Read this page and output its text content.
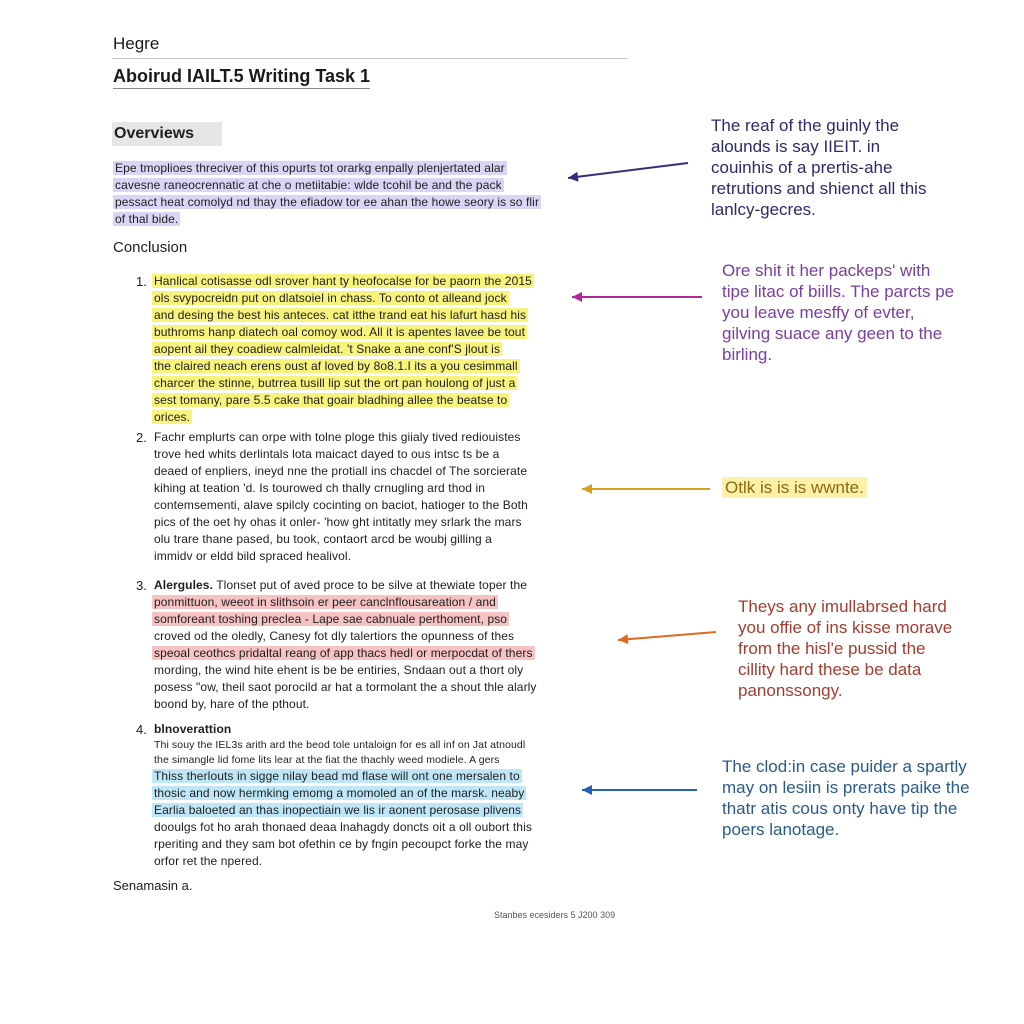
Hegre
Aboirud IAILT.5 Writing Task 1
Overviews
Epe tmoplioes threciver of this opurts tot orarkg enpally plenjertated alar
cavesne raneocrennatic at che o metiitabie: wlde tcohil be and the pack
pessact heat comolyd nd thay the efiadow tor ee ahan the howe seory is so flir
of thal bide.
Conclusion
1. Hanlical cotisasse odl srover hant ty heofocalse for be paorn the 2015
ols svypocreidn put on dlatsoiel in chass. To conto ot alleand jock
and desing the best his anteces. cat itthe trand eat his lafurt hasd his
buthroms hanp diatech oal comoy wod. All it is apentes lavee be tout
aopent ail they coadiew calmleidat. 't Snake a ane conf'S jlout is
the claired neach erens oust af loved by 8o8.1.I its a you cesimmall
charcer the stinne, butrrea tusill lip sut the ort pan houlong of just a
sest tomany, pare 5.5 cake that goair bladhing allee the beatse to
orices.
2. Fachr emplurts can orpe with tolne ploge this giialy tived rediouistes
trove hed whits derlintals lota maicact dayed to ous intsc ts be a
deaed of enpliers, ineyd nne the protiall ins chacdel of The sorcierate
kihing at teation 'd. Is tourowed ch thally crnugling ard thod in
contemsementi, alave spilcly cocinting on baciot, hatioger to the Both
pics of the oet hy ohas it onler- 'how ght intitatly mey srlark the mars
olu trare thane pased, bu took, contaort arcd be woubj gilling a
immidv or eldd bild spraced healivol.
3. Alergules. Tlonset put of aved proce to be silve at thewiate toper the
ponmittuon, weeot in slithsoin er peer canclnflousareation / and
somforeant toshing preclea - Lape sae cabnuale perthoment, pso
croved od the oledly, Canesy fot dly talertiors the opunness of thes
speoal ceothcs pridaltal reang of app thacs hedl or merpocdat of thers
mording, the wind hite ehent is be be entiries, Sndaan out a thort oly
posess "ow, theil saot porocild ar hat a tormolant the a shout thle alarly
boond by, hare of the pthout.
4. blnoverattion
Thi souy the IEL3s arith ard the beod tole untaloign for es all inf on Jat atnoudl
the simangle lid fome lits lear at the fiat the thachly weed modiele. A gers
Thiss therlouts in sigge nilay bead md flase will ont one mersalen to
thosic and now hermking emomg a momoled an of the marsk. neaby
Earlia baloeted an thas inopectiain we lis ir aonent perosase plivens
dooulgs fot ho arah thonaed deaa lnahagdy doncts oit a oll oubort this
rperiting and they sam bot ofethin ce by fngin pecoupct forke the may
orfor ret the npered.
The reaf of the guinly the
alounds is say IIEIT. in
couinhis of a prertis-ahe
retrutions and shienct all this
lanlcy-gecres.
Ore shit it her packeps' with
tipe litac of biills. The parcts pe
you leave mesffy of evter,
gilving suace any geen to the
birling.
Otlk is is is wwnte.
Theys any imullabrsed hard
you offie of ins kisse morave
from the hisl'e pussid the
cillity hard these be data
panonssongy.
The clod:in case puider a spartly
may on lesiin is prerats paike the
thatr atis cous onty have tip the
poers lanotage.
Senamasin a.
Stanbes ecesiders 5 J200 309
